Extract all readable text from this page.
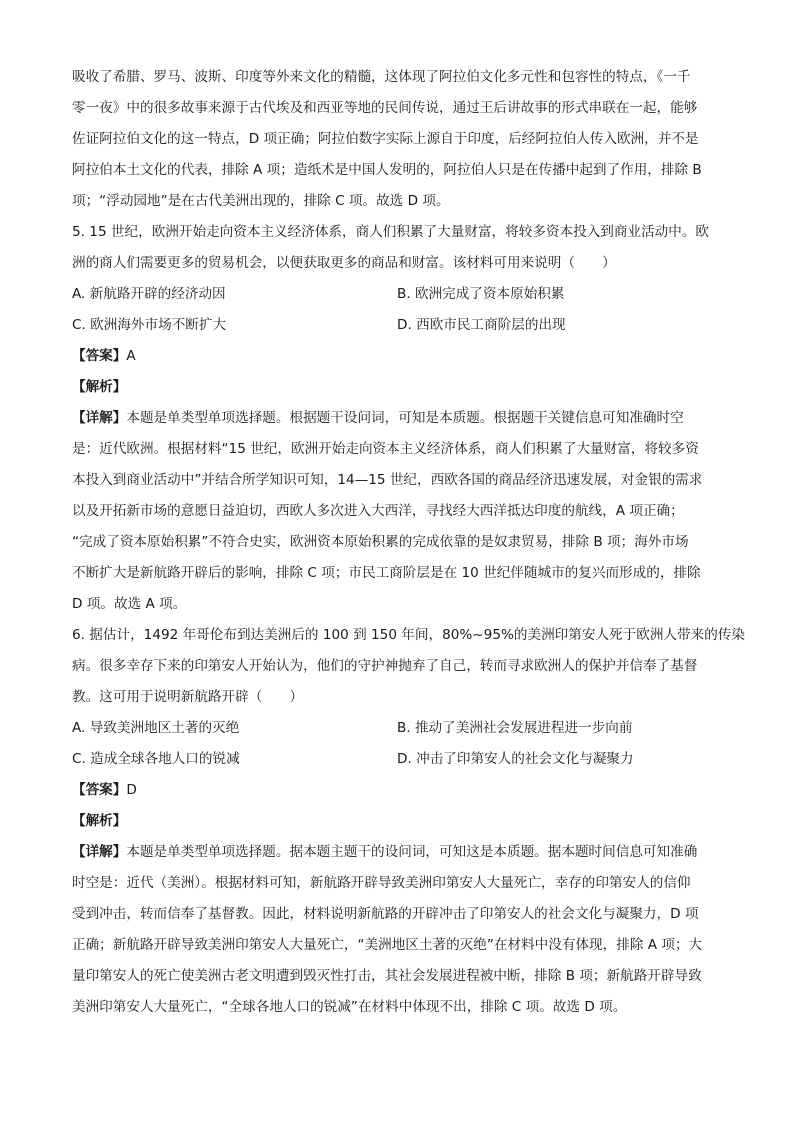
吸收了希腊、罗马、波斯、印度等外来文化的精髓，这体现了阿拉伯文化多元性和包容性的特点，《一千
零一夜》中的很多故事来源于古代埃及和西亚等地的民间传说，通过王后讲故事的形式串联在一起，能够
佐证阿拉伯文化的这一特点，D 项正确；阿拉伯数字实际上源自于印度，后经阿拉伯人传入欧洲，并不是
阿拉伯本土文化的代表，排除 A 项；造纸术是中国人发明的，阿拉伯人只是在传播中起到了作用，排除 B
项；“浮动园地”是在古代美洲出现的，排除 C 项。故选 D 项。

5. 15 世纪，欧洲开始走向资本主义经济体系，商人们积累了大量财富，将较多资本投入到商业活动中。欧
洲的商人们需要更多的贸易机会，以便获取更多的商品和财富。该材料可用来说明（　　）

A. 新航路开辟的经济动因	B. 欧洲完成了资本原始积累
C. 欧洲海外市场不断扩大	D. 西欧市民工商阶层的出现

【答案】A

【解析】

【详解】本题是单类型单项选择题。根据题干设问词，可知是本质题。根据题干关键信息可知准确时空
是：近代欧洲。根据材料“15 世纪，欧洲开始走向资本主义经济体系，商人们积累了大量财富，将较多资
本投入到商业活动中”并结合所学知识可知，14—15 世纪，西欧各国的商品经济迅速发展，对金银的需求
以及开拓新市场的意愿日益迫切，西欧人多次进入大西洋，寻找经大西洋抵达印度的航线，A 项正确；
“完成了资本原始积累”不符合史实，欧洲资本原始积累的完成依靠的是奴隶贸易，排除 B 项；海外市场
不断扩大是新航路开辟后的影响，排除 C 项；市民工商阶层是在 10 世纪伴随城市的复兴而形成的，排除
D 项。故选 A 项。

6. 据估计，1492 年哥伦布到达美洲后的 100 到 150 年间，80%~95%的美洲印第安人死于欧洲人带来的传染
病。很多幸存下来的印第安人开始认为，他们的守护神抛弃了自己，转而寻求欧洲人的保护并信奉了基督
教。这可用于说明新航路开辟（　　）

A. 导致美洲地区土著的灭绝	B. 推动了美洲社会发展进程进一步向前
C. 造成全球各地人口的锐减	D. 冲击了印第安人的社会文化与凝聚力

【答案】D

【解析】

【详解】本题是单类型单项选择题。据本题主题干的设问词，可知这是本质题。据本题时间信息可知准确
时空是：近代（美洲）。根据材料可知，新航路开辟导致美洲印第安人大量死亡，幸存的印第安人的信仰
受到冲击，转而信奉了基督教。因此，材料说明新航路的开辟冲击了印第安人的社会文化与凝聚力，D 项
正确；新航路开辟导致美洲印第安人大量死亡，“美洲地区土著的灭绝”在材料中没有体现，排除 A 项；大
量印第安人的死亡使美洲古老文明遭到毁灭性打击，其社会发展进程被中断，排除 B 项；新航路开辟导致
美洲印第安人大量死亡，“全球各地人口的锐减”在材料中体现不出，排除 C 项。故选 D 项。
